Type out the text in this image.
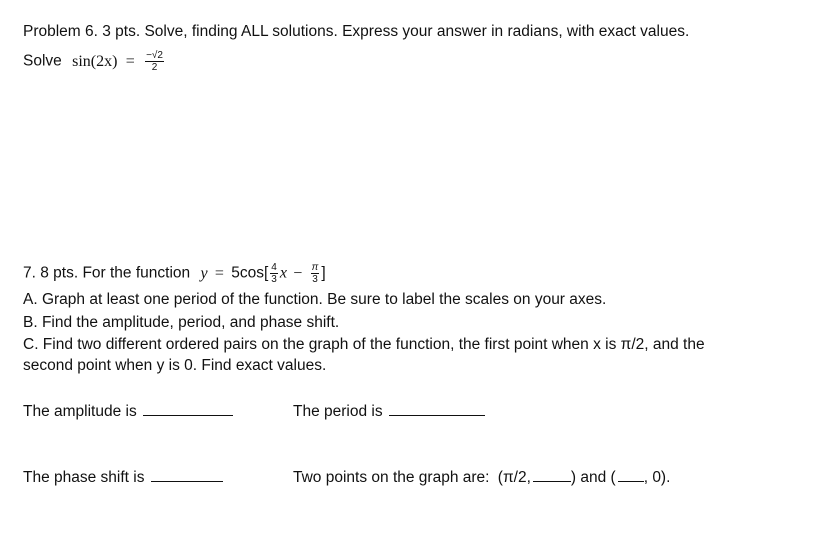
Problem 6. 3 pts. Solve, finding ALL solutions. Express your answer in radians, with exact values.
Solve $\sin(2x) = \frac{-√2}{2}$
7. 8 pts. For the function $y = 5\cos[ \frac{4}{3}$ $x - \frac{\pi}{3}$ ]
A. Graph at least one period of the function. Be sure to label the scales on your axes.
B. Find the amplitude, period, and phase shift.
C. Find two different ordered pairs on the graph of the function, the first point when x is π/2, and the
second point when y is 0. Find exact values.
The amplitude is	The period is
The phase shift is	Two points on the graph are: (π/2,	) and ( , 0).
